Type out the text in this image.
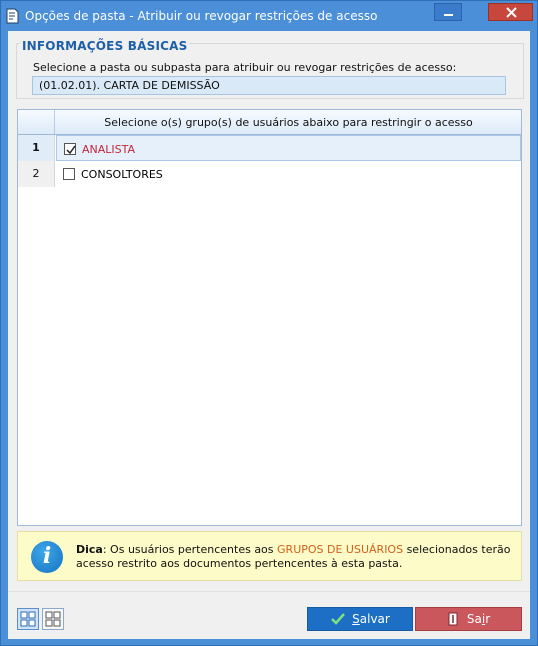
Opções de pasta - Atribuir ou revogar restrições de acesso
INFORMAÇÕES BÁSICAS
Selecione a pasta ou subpasta para atribuir ou revogar restrições de acesso:
(01.02.01). CARTA DE DEMISSÃO
Selecione o(s) grupo(s) de usuários abaixo para restringir o acesso
1	ANALISTA
2	CONSOLTORES
i	Dica: Os usuários pertencentes aos GRUPOS DE USUÁRIOS selecionados terão acesso restrito aos documentos pertencentes à esta pasta.
Salvar	Sair
